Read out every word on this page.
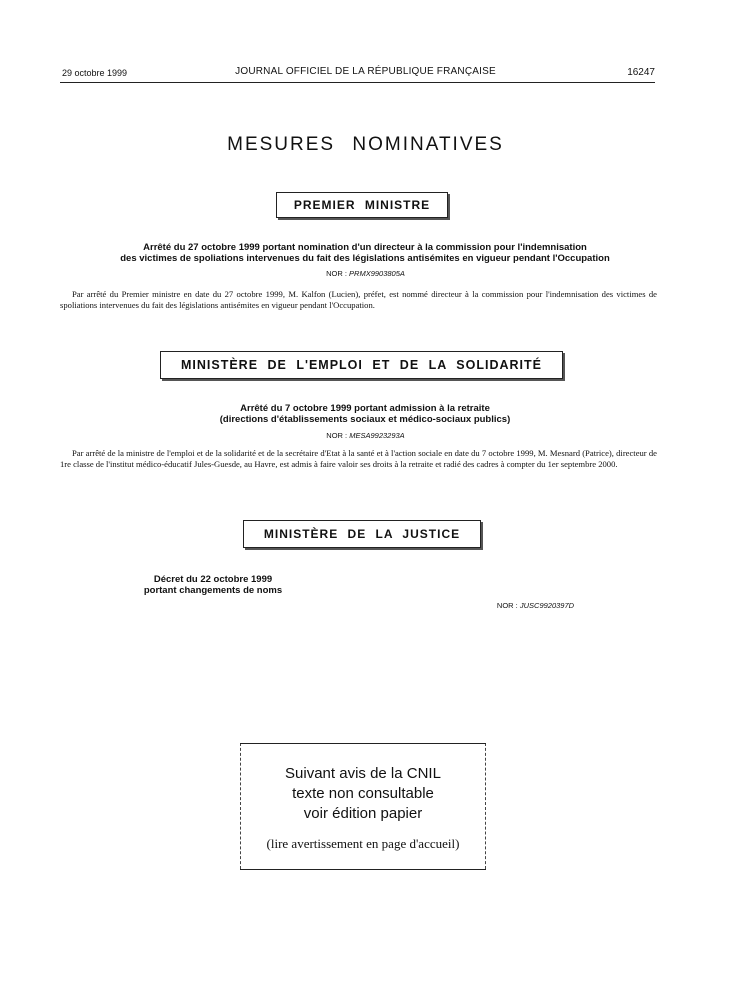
29 octobre 1999	JOURNAL OFFICIEL DE LA RÉPUBLIQUE FRANÇAISE	16247
MESURES NOMINATIVES
PREMIER MINISTRE
Arrêté du 27 octobre 1999 portant nomination d'un directeur à la commission pour l'indemnisation
des victimes de spoliations intervenues du fait des législations antisémites en vigueur pendant l'Occupation
NOR : PRMX9903805A
Par arrêté du Premier ministre en date du 27 octobre 1999, M. Kalfon (Lucien), préfet, est nommé directeur à la commission pour l'indemnisation des victimes de spoliations intervenues du fait des législations antisémites en vigueur pendant l'Occupation.
MINISTÈRE DE L'EMPLOI ET DE LA SOLIDARITÉ
Arrêté du 7 octobre 1999 portant admission à la retraite
(directions d'établissements sociaux et médico-sociaux publics)
NOR : MESA9923293A
Par arrêté de la ministre de l'emploi et de la solidarité et de la secrétaire d'Etat à la santé et à l'action sociale en date du 7 octobre 1999, M. Mesnard (Patrice), directeur de 1re classe de l'institut médico-éducatif Jules-Guesde, au Havre, est admis à faire valoir ses droits à la retraite et radié des cadres à compter du 1er septembre 2000.
MINISTÈRE DE LA JUSTICE
Décret du 22 octobre 1999
portant changements de noms
NOR : JUSC9920397D
Suivant avis de la CNIL
texte non consultable
voir édition papier
(lire avertissement en page d'accueil)
